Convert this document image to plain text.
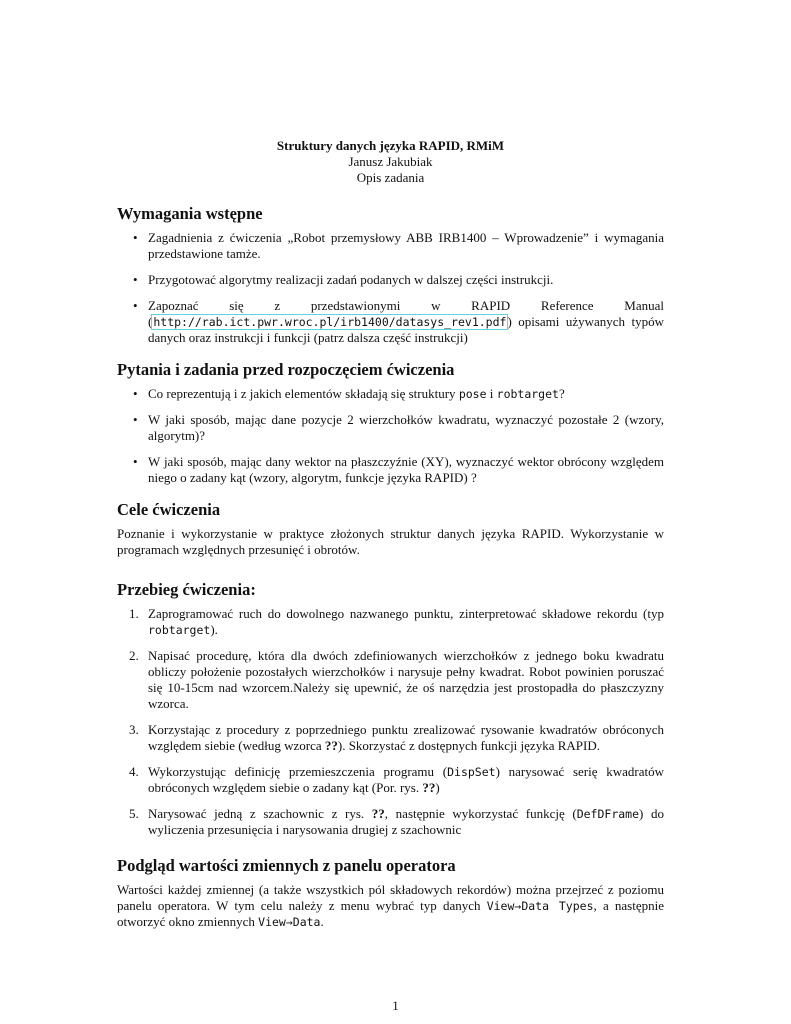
Struktury danych języka RAPID, RMiM
Janusz Jakubiak
Opis zadania
Wymagania wstępne
• Zagadnienia z ćwiczenia „Robot przemysłowy ABB IRB1400 – Wprowadzenie” i wymagania przedstawione tamże.
• Przygotować algorytmy realizacji zadań podanych w dalszej części instrukcji.
• Zapoznać się z przedstawionymi w RAPID Reference Manual (http://rab.ict.pwr.wroc.pl/irb1400/datasys_rev1.pdf) opisami używanych typów danych oraz instrukcji i funkcji (patrz dalsza część instrukcji)
Pytania i zadania przed rozpoczęciem ćwiczenia
• Co reprezentują i z jakich elementów składają się struktury pose i robtarget?
• W jaki sposób, mając dane pozycje 2 wierzchołków kwadratu, wyznaczyć pozostałe 2 (wzory, algorytm)?
• W jaki sposób, mając dany wektor na płaszczyźnie (XY), wyznaczyć wektor obrócony względem niego o zadany kąt (wzory, algorytm, funkcje języka RAPID) ?
Cele ćwiczenia

Poznanie i wykorzystanie w praktyce złożonych struktur danych języka RAPID. Wykorzystanie w programach względnych przesunięć i obrotów.

Przebieg ćwiczenia:
1. Zaprogramować ruch do dowolnego nazwanego punktu, zinterpretować składowe rekordu (typ robtarget).
2. Napisać procedurę, która dla dwóch zdefiniowanych wierzchołków z jednego boku kwadratu obliczy położenie pozostałych wierzchołków i narysuje pełny kwadrat. Robot powinien poruszać się 10-15cm nad wzorcem.Należy się upewnić, że oś narzędzia jest prostopadła do płaszczyzny wzorca.
3. Korzystając z procedury z poprzedniego punktu zrealizować rysowanie kwadratów obróconych względem siebie (według wzorca ??). Skorzystać z dostępnych funkcji języka RAPID.
4. Wykorzystując definicję przemieszczenia programu (DispSet) narysować serię kwadratów obróconych względem siebie o zadany kąt (Por. rys. ??)
5. Narysować jedną z szachownic z rys. ??, następnie wykorzystać funkcję (DefDFrame) do wyliczenia przesunięcia i narysowania drugiej z szachownic
Podgląd wartości zmiennych z panelu operatora

Wartości każdej zmiennej (a także wszystkich pól składowych rekordów) można przejrzeć z poziomu panelu operatora. W tym celu należy z menu wybrać typ danych View→Data Types, a następnie otworzyć okno zmiennych View→Data.

1
